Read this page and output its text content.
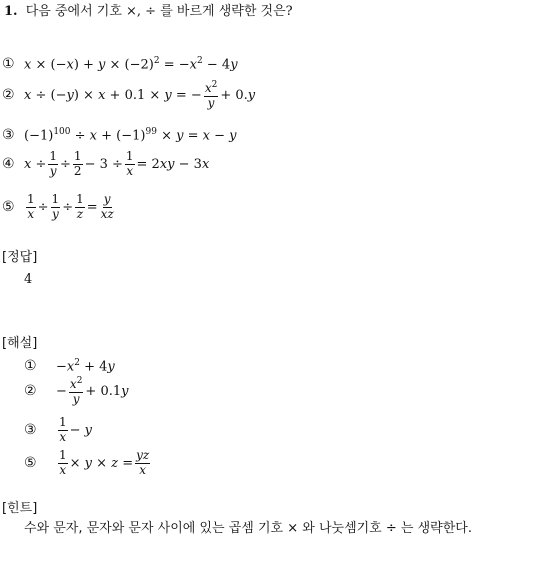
1. 다음 중에서 기호 ×, ÷ 를 바르게 생략한 것은?
① $x \times (-x) + y \times (-2)^2 = -x^2 - 4y$
② x ÷ (−y) × x + 0.1 × y = − $\frac{x^2}{y} + 0.y$
③ $(-1)^{100} \div x + (-1)^{99} \times y = x - y$
④ $x \div \frac{1}{y} \div \frac{1}{2} - 3 \div \frac{1}{x} = 2xy - 3x$
⑤ $\frac{1}{x} \div \frac{1}{y} \div \frac{1}{z} = \frac{y}{xz}$
[정답]
4
[해설]
①	$-x^2 + 4y$
②	− $\frac{x^2}{y} + 0.1y$
③	$\frac{1}{x} - y$
⑤	$\frac{1}{x} \times y \times z = \frac{yz}{x}$
[힌트]
수와 문자, 문자와 문자 사이에 있는 곱셈 기호 × 와 나눗셈기호 ÷ 는 생략한다.
